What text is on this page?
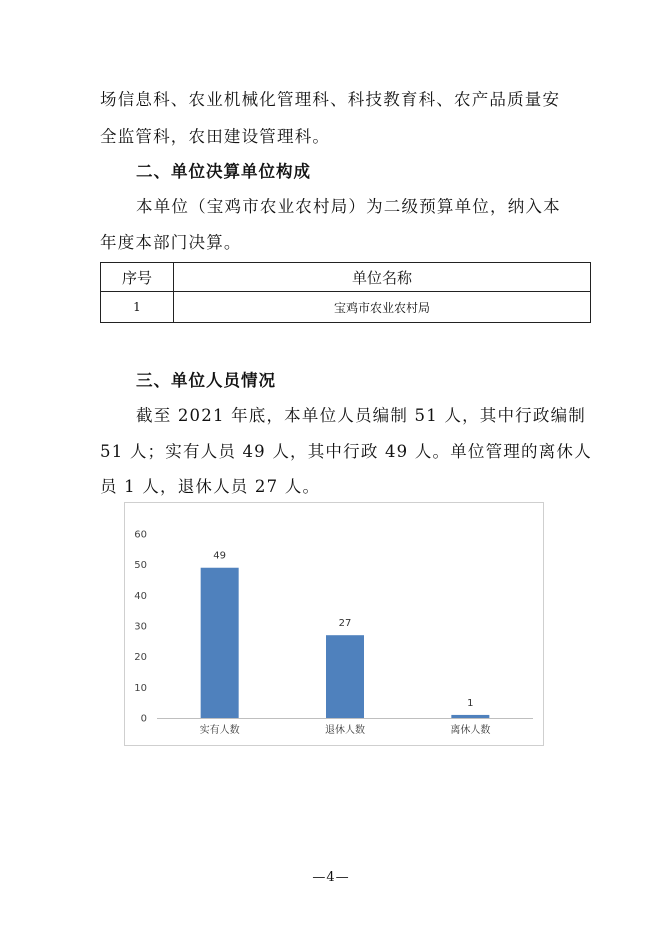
场信息科、农业机械化管理科、科技教育科、农产品质量安
全监管科，农田建设管理科。
二、单位决算单位构成
本单位（宝鸡市农业农村局）为二级预算单位，纳入本
年度本部门决算。
序号	单位名称
1	宝鸡市农业农村局
三、单位人员情况
截至 2021 年底，本单位人员编制 51 人，其中行政编制
51 人；实有人员 49 人，其中行政 49 人。单位管理的离休人
员 1 人，退休人员 27 人。
0
10
20
30
40
50
60
49
实有人数
27
退休人数
1
离休人数
—4—
